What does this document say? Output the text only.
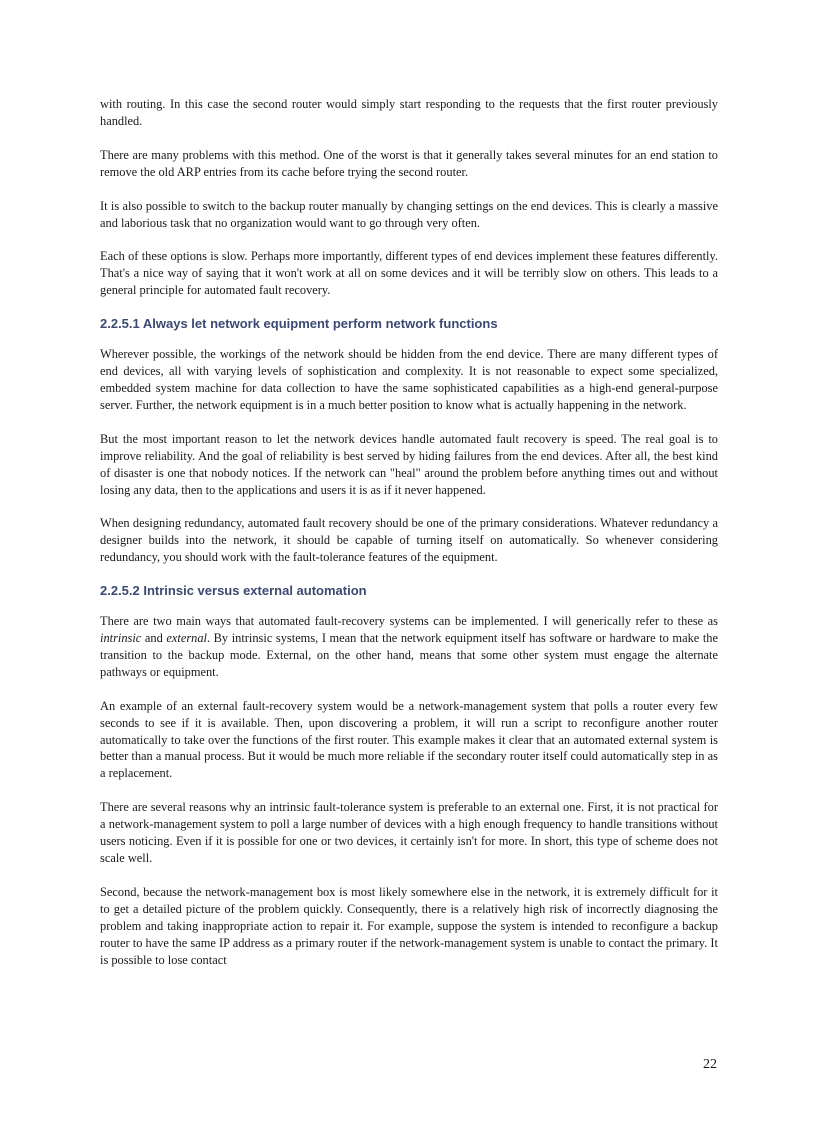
with routing. In this case the second router would simply start responding to the requests that the first router previously handled.

There are many problems with this method. One of the worst is that it generally takes several minutes for an end station to remove the old ARP entries from its cache before trying the second router.

It is also possible to switch to the backup router manually by changing settings on the end devices. This is clearly a massive and laborious task that no organization would want to go through very often.

Each of these options is slow. Perhaps more importantly, different types of end devices implement these features differently. That's a nice way of saying that it won't work at all on some devices and it will be terribly slow on others. This leads to a general principle for automated fault recovery.

2.2.5.1 Always let network equipment perform network functions

Wherever possible, the workings of the network should be hidden from the end device. There are many different types of end devices, all with varying levels of sophistication and complexity. It is not reasonable to expect some specialized, embedded system machine for data collection to have the same sophisticated capabilities as a high-end general-purpose server. Further, the network equipment is in a much better position to know what is actually happening in the network.

But the most important reason to let the network devices handle automated fault recovery is speed. The real goal is to improve reliability. And the goal of reliability is best served by hiding failures from the end devices. After all, the best kind of disaster is one that nobody notices. If the network can "heal" around the problem before anything times out and without losing any data, then to the applications and users it is as if it never happened.

When designing redundancy, automated fault recovery should be one of the primary considerations. Whatever redundancy a designer builds into the network, it should be capable of turning itself on automatically. So whenever considering redundancy, you should work with the fault-tolerance features of the equipment.

2.2.5.2 Intrinsic versus external automation

There are two main ways that automated fault-recovery systems can be implemented. I will generically refer to these as intrinsic and external. By intrinsic systems, I mean that the network equipment itself has software or hardware to make the transition to the backup mode. External, on the other hand, means that some other system must engage the alternate pathways or equipment.

An example of an external fault-recovery system would be a network-management system that polls a router every few seconds to see if it is available. Then, upon discovering a problem, it will run a script to reconfigure another router automatically to take over the functions of the first router. This example makes it clear that an automated external system is better than a manual process. But it would be much more reliable if the secondary router itself could automatically step in as a replacement.

There are several reasons why an intrinsic fault-tolerance system is preferable to an external one. First, it is not practical for a network-management system to poll a large number of devices with a high enough frequency to handle transitions without users noticing. Even if it is possible for one or two devices, it certainly isn't for more. In short, this type of scheme does not scale well.

Second, because the network-management box is most likely somewhere else in the network, it is extremely difficult for it to get a detailed picture of the problem quickly. Consequently, there is a relatively high risk of incorrectly diagnosing the problem and taking inappropriate action to repair it. For example, suppose the system is intended to reconfigure a backup router to have the same IP address as a primary router if the network-management system is unable to contact the primary. It is possible to lose contact

22
